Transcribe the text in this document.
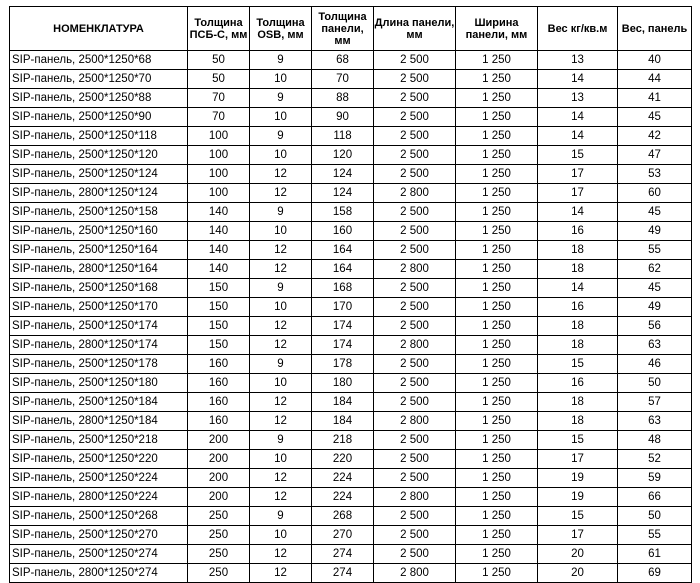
НОМЕНКЛАТУРА	Толщина ПСБ-С, мм	Толщина OSB, мм	Толщина панели, мм	Длина панели, мм	Ширина панели, мм	Вес кг/кв.м	Вес, панель
SIP-панель, 2500*1250*68	50	9	68	2 500	1 250	13	40
SIP-панель, 2500*1250*70	50	10	70	2 500	1 250	14	44
SIP-панель, 2500*1250*88	70	9	88	2 500	1 250	13	41
SIP-панель, 2500*1250*90	70	10	90	2 500	1 250	14	45
SIP-панель, 2500*1250*118	100	9	118	2 500	1 250	14	42
SIP-панель, 2500*1250*120	100	10	120	2 500	1 250	15	47
SIP-панель, 2500*1250*124	100	12	124	2 500	1 250	17	53
SIP-панель, 2800*1250*124	100	12	124	2 800	1 250	17	60
SIP-панель, 2500*1250*158	140	9	158	2 500	1 250	14	45
SIP-панель, 2500*1250*160	140	10	160	2 500	1 250	16	49
SIP-панель, 2500*1250*164	140	12	164	2 500	1 250	18	55
SIP-панель, 2800*1250*164	140	12	164	2 800	1 250	18	62
SIP-панель, 2500*1250*168	150	9	168	2 500	1 250	14	45
SIP-панель, 2500*1250*170	150	10	170	2 500	1 250	16	49
SIP-панель, 2500*1250*174	150	12	174	2 500	1 250	18	56
SIP-панель, 2800*1250*174	150	12	174	2 800	1 250	18	63
SIP-панель, 2500*1250*178	160	9	178	2 500	1 250	15	46
SIP-панель, 2500*1250*180	160	10	180	2 500	1 250	16	50
SIP-панель, 2500*1250*184	160	12	184	2 500	1 250	18	57
SIP-панель, 2800*1250*184	160	12	184	2 800	1 250	18	63
SIP-панель, 2500*1250*218	200	9	218	2 500	1 250	15	48
SIP-панель, 2500*1250*220	200	10	220	2 500	1 250	17	52
SIP-панель, 2500*1250*224	200	12	224	2 500	1 250	19	59
SIP-панель, 2800*1250*224	200	12	224	2 800	1 250	19	66
SIP-панель, 2500*1250*268	250	9	268	2 500	1 250	15	50
SIP-панель, 2500*1250*270	250	10	270	2 500	1 250	17	55
SIP-панель, 2500*1250*274	250	12	274	2 500	1 250	20	61
SIP-панель, 2800*1250*274	250	12	274	2 800	1 250	20	69
